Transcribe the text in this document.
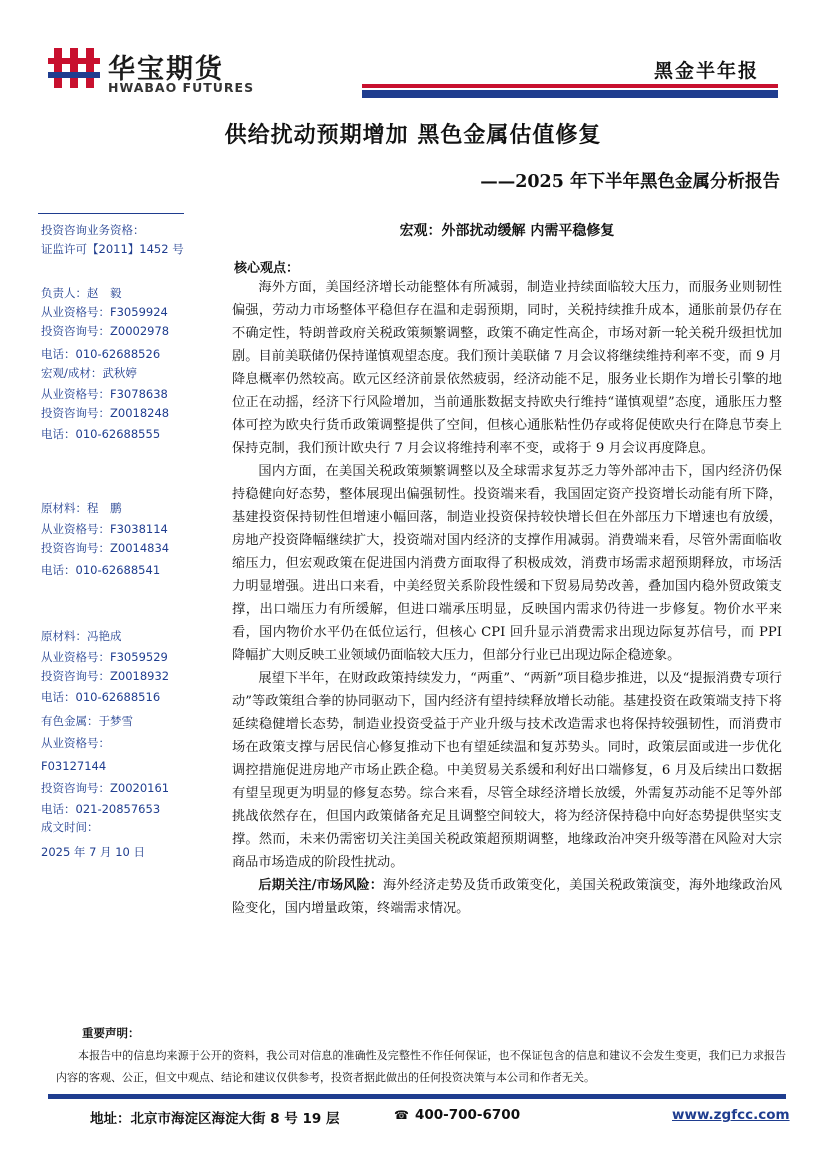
华宝期货
HWABAO FUTURES
黑金半年报
供给扰动预期增加 黑色金属估值修复
——2025 年下半年黑色金属分析报告
投资咨询业务资格：
证监许可【2011】1452 号
负责人：赵　毅
从业资格号：F3059924
投资咨询号：Z0002978
电话：010-62688526
宏观/成材：武秋婷
从业资格号：F3078638
投资咨询号：Z0018248
电话：010-62688555
原材料：程　鹏
从业资格号：F3038114
投资咨询号：Z0014834
电话：010-62688541
原材料：冯艳成
从业资格号：F3059529
投资咨询号：Z0018932
电话：010-62688516
有色金属：于梦雪
从业资格号：
F03127144
投资咨询号：Z0020161
电话：021-20857653
成文时间：
2025 年 7 月 10 日
宏观：外部扰动缓解 内需平稳修复
核心观点：

海外方面，美国经济增长动能整体有所减弱，制造业持续面临较大压力，而服务业则韧性偏强，劳动力市场整体平稳但存在温和走弱预期，同时，关税持续推升成本，通胀前景仍存在不确定性，特朗普政府关税政策频繁调整，政策不确定性高企，市场对新一轮关税升级担忧加剧。目前美联储仍保持谨慎观望态度。我们预计美联储 7 月会议将继续维持利率不变，而 9 月降息概率仍然较高。欧元区经济前景依然疲弱，经济动能不足，服务业长期作为增长引擎的地位正在动摇，经济下行风险增加，当前通胀数据支持欧央行维持“谨慎观望”态度，通胀压力整体可控为欧央行货币政策调整提供了空间，但核心通胀粘性仍存或将促使欧央行在降息节奏上保持克制，我们预计欧央行 7 月会议将维持利率不变，或将于 9 月会议再度降息。

国内方面，在美国关税政策频繁调整以及全球需求复苏乏力等外部冲击下，国内经济仍保持稳健向好态势，整体展现出偏强韧性。投资端来看，我国固定资产投资增长动能有所下降，基建投资保持韧性但增速小幅回落，制造业投资保持较快增长但在外部压力下增速也有放缓，房地产投资降幅继续扩大，投资端对国内经济的支撑作用减弱。消费端来看，尽管外需面临收缩压力，但宏观政策在促进国内消费方面取得了积极成效，消费市场需求超预期释放，市场活力明显增强。进出口来看，中美经贸关系阶段性缓和下贸易局势改善，叠加国内稳外贸政策支撑，出口端压力有所缓解，但进口端承压明显，反映国内需求仍待进一步修复。物价水平来看，国内物价水平仍在低位运行，但核心 CPI 回升显示消费需求出现边际复苏信号，而 PPI 降幅扩大则反映工业领域仍面临较大压力，但部分行业已出现边际企稳迹象。

展望下半年，在财政政策持续发力，“两重”、“两新”项目稳步推进，以及“提振消费专项行动”等政策组合拳的协同驱动下，国内经济有望持续释放增长动能。基建投资在政策端支持下将延续稳健增长态势，制造业投资受益于产业升级与技术改造需求也将保持较强韧性，而消费市场在政策支撑与居民信心修复推动下也有望延续温和复苏势头。同时，政策层面或进一步优化调控措施促进房地产市场止跌企稳。中美贸易关系缓和利好出口端修复，6 月及后续出口数据有望呈现更为明显的修复态势。综合来看，尽管全球经济增长放缓，外需复苏动能不足等外部挑战依然存在，但国内政策储备充足且调整空间较大，将为经济保持稳中向好态势提供坚实支撑。然而，未来仍需密切关注美国关税政策超预期调整，地缘政治冲突升级等潜在风险对大宗商品市场造成的阶段性扰动。

后期关注/市场风险：海外经济走势及货币政策变化，美国关税政策演变，海外地缘政治风险变化，国内增量政策，终端需求情况。

重要声明：
本报告中的信息均来源于公开的资料，我公司对信息的准确性及完整性不作任何保证，也不保证包含的信息和建议不会发生变更，我们已力求报告内容的客观、公正，但文中观点、结论和建议仅供参考，投资者据此做出的任何投资决策与本公司和作者无关。
地址：北京市海淀区海淀大街 8 号 19 层	☎ 400-700-6700	www.zgfcc.com
